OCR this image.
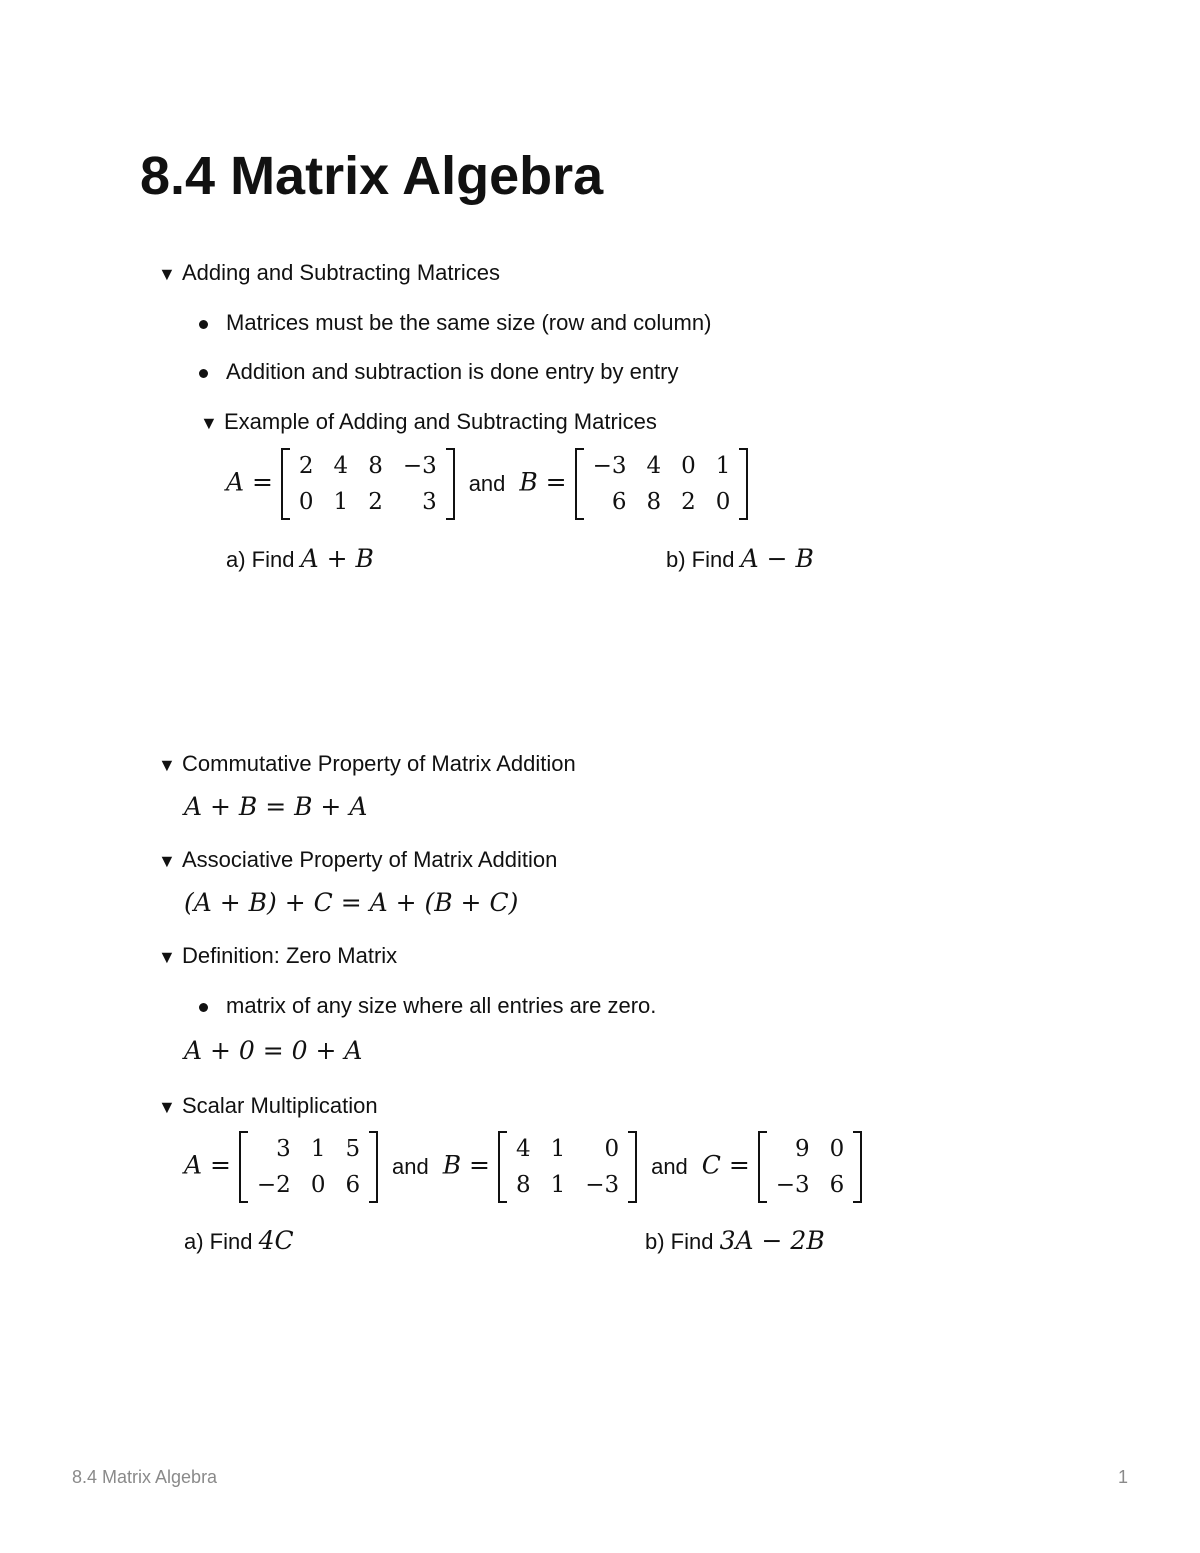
8.4 Matrix Algebra
▼ Adding and Subtracting Matrices
Matrices must be the same size (row and column)
Addition and subtraction is done entry by entry
▼ Example of Adding and Subtracting Matrices
A =
2	4	8	−3
0	1	2	3
and B =
−3	4	0	1
6	8	2	0
a) Find A + B	b) Find A − B
▼ Commutative Property of Matrix Addition
A + B = B + A
▼ Associative Property of Matrix Addition
(A + B) + C = A + (B + C)
▼ Definition: Zero Matrix
matrix of any size where all entries are zero.
A + 0 = 0 + A
▼ Scalar Multiplication
A =
3	1	5
−2	0	6
and B =
4	1	0
8	1	−3
and C =
9	0
−3	6
a) Find 4C	b) Find 3A − 2B
8.4 Matrix Algebra	1
